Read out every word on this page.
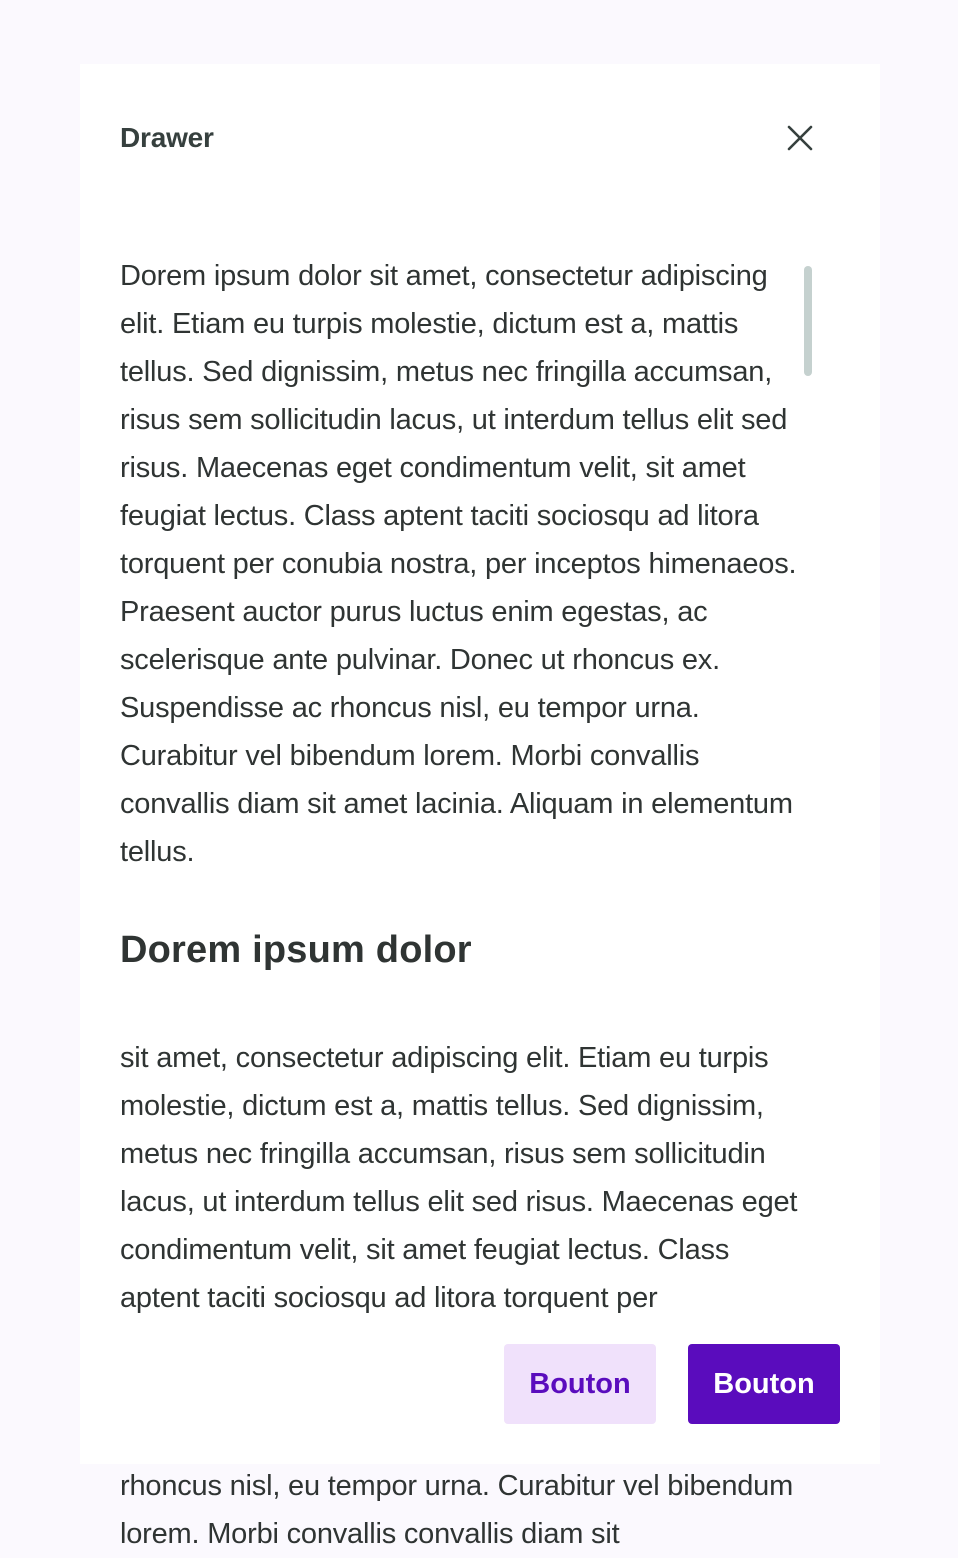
rhoncus nisl, eu tempor urna. Curabitur vel bibendum lorem. Morbi convallis convallis diam sit
Drawer

Dorem ipsum dolor sit amet, consectetur adipiscing elit. Etiam eu turpis molestie, dictum est a, mattis tellus. Sed dignissim, metus nec fringilla accumsan, risus sem sollicitudin lacus, ut interdum tellus elit sed risus. Maecenas eget condimentum velit, sit amet feugiat lectus. Class aptent taciti sociosqu ad litora torquent per conubia nostra, per inceptos himenaeos. Praesent auctor purus luctus enim egestas, ac scelerisque ante pulvinar. Donec ut rhoncus ex. Suspendisse ac rhoncus nisl, eu tempor urna. Curabitur vel bibendum lorem. Morbi convallis convallis diam sit amet lacinia. Aliquam in elementum tellus.

Dorem ipsum dolor

sit amet, consectetur adipiscing elit. Etiam eu turpis molestie, dictum est a, mattis tellus. Sed dignissim, metus nec fringilla accumsan, risus sem sollicitudin lacus, ut interdum tellus elit sed risus. Maecenas eget condimentum velit, sit amet feugiat lectus. Class aptent taciti sociosqu ad litora torquent per

Bouton	Bouton
